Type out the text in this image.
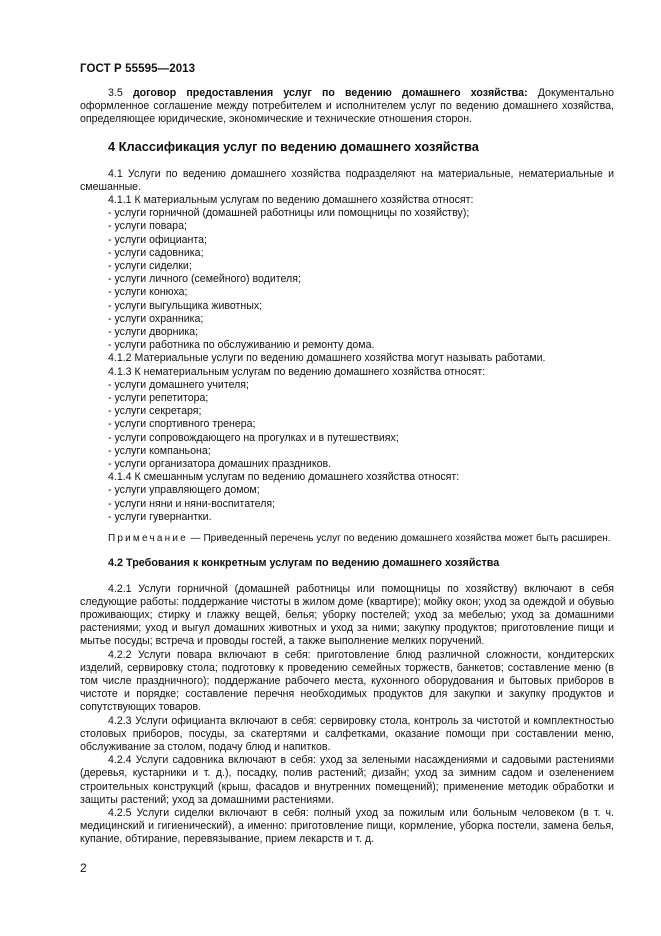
ГОСТ Р 55595—2013

3.5 договор предоставления услуг по ведению домашнего хозяйства: Документально оформленное соглашение между потребителем и исполнителем услуг по ведению домашнего хозяйства, определяющее юридические, экономические и технические отношения сторон.

4 Классификация услуг по ведению домашнего хозяйства

4.1 Услуги по ведению домашнего хозяйства подразделяют на материальные, нематериальные и смешанные.

4.1.1 К материальным услугам по ведению домашнего хозяйства относят:

- услуги горничной (домашней работницы или помощницы по хозяйству);
- услуги повара;
- услуги официанта;
- услуги садовника;
- услуги сиделки;
- услуги личного (семейного) водителя;
- услуги конюха;
- услуги выгульщика животных;
- услуги охранника;
- услуги дворника;
- услуги работника по обслуживанию и ремонту дома.

4.1.2 Материальные услуги по ведению домашнего хозяйства могут называть работами.

4.1.3 К нематериальным услугам по ведению домашнего хозяйства относят:

- услуги домашнего учителя;
- услуги репетитора;
- услуги секретаря;
- услуги спортивного тренера;
- услуги сопровождающего на прогулках и в путешествиях;
- услуги компаньона;
- услуги организатора домашних праздников.

4.1.4 К смешанным услугам по ведению домашнего хозяйства относят:

- услуги управляющего домом;
- услуги няни и няни-воспитателя;
- услуги гувернантки.

Примечание — Приведенный перечень услуг по ведению домашнего хозяйства может быть расширен.

4.2 Требования к конкретным услугам по ведению домашнего хозяйства

4.2.1 Услуги горничной (домашней работницы или помощницы по хозяйству) включают в себя следующие работы: поддержание чистоты в жилом доме (квартире); мойку окон; уход за одеждой и обувью проживающих; стирку и глажку вещей, белья; уборку постелей; уход за мебелью; уход за домашними растениями; уход и выгул домашних животных и уход за ними; закупку продуктов; приготовление пищи и мытье посуды; встреча и проводы гостей, а также выполнение мелких поручений.

4.2.2 Услуги повара включают в себя: приготовление блюд различной сложности, кондитерских изделий, сервировку стола; подготовку к проведению семейных торжеств, банкетов; составление меню (в том числе праздничного); поддержание рабочего места, кухонного оборудования и бытовых приборов в чистоте и порядке; составление перечня необходимых продуктов для закупки и закупку продуктов и сопутствующих товаров.

4.2.3 Услуги официанта включают в себя: сервировку стола, контроль за чистотой и комплектностью столовых приборов, посуды, за скатертями и салфетками, оказание помощи при составлении меню, обслуживание за столом, подачу блюд и напитков.

4.2.4 Услуги садовника включают в себя: уход за зелеными насаждениями и садовыми растениями (деревья, кустарники и т. д.), посадку, полив растений; дизайн; уход за зимним садом и озеленением строительных конструкций (крыш, фасадов и внутренних помещений); применение методик обработки и защиты растений; уход за домашними растениями.

4.2.5 Услуги сиделки включают в себя: полный уход за пожилым или больным человеком (в т. ч. медицинский и гигиенический), а именно: приготовление пищи, кормление, уборка постели, замена белья, купание, обтирание, перевязывание, прием лекарств и т. д.

2
